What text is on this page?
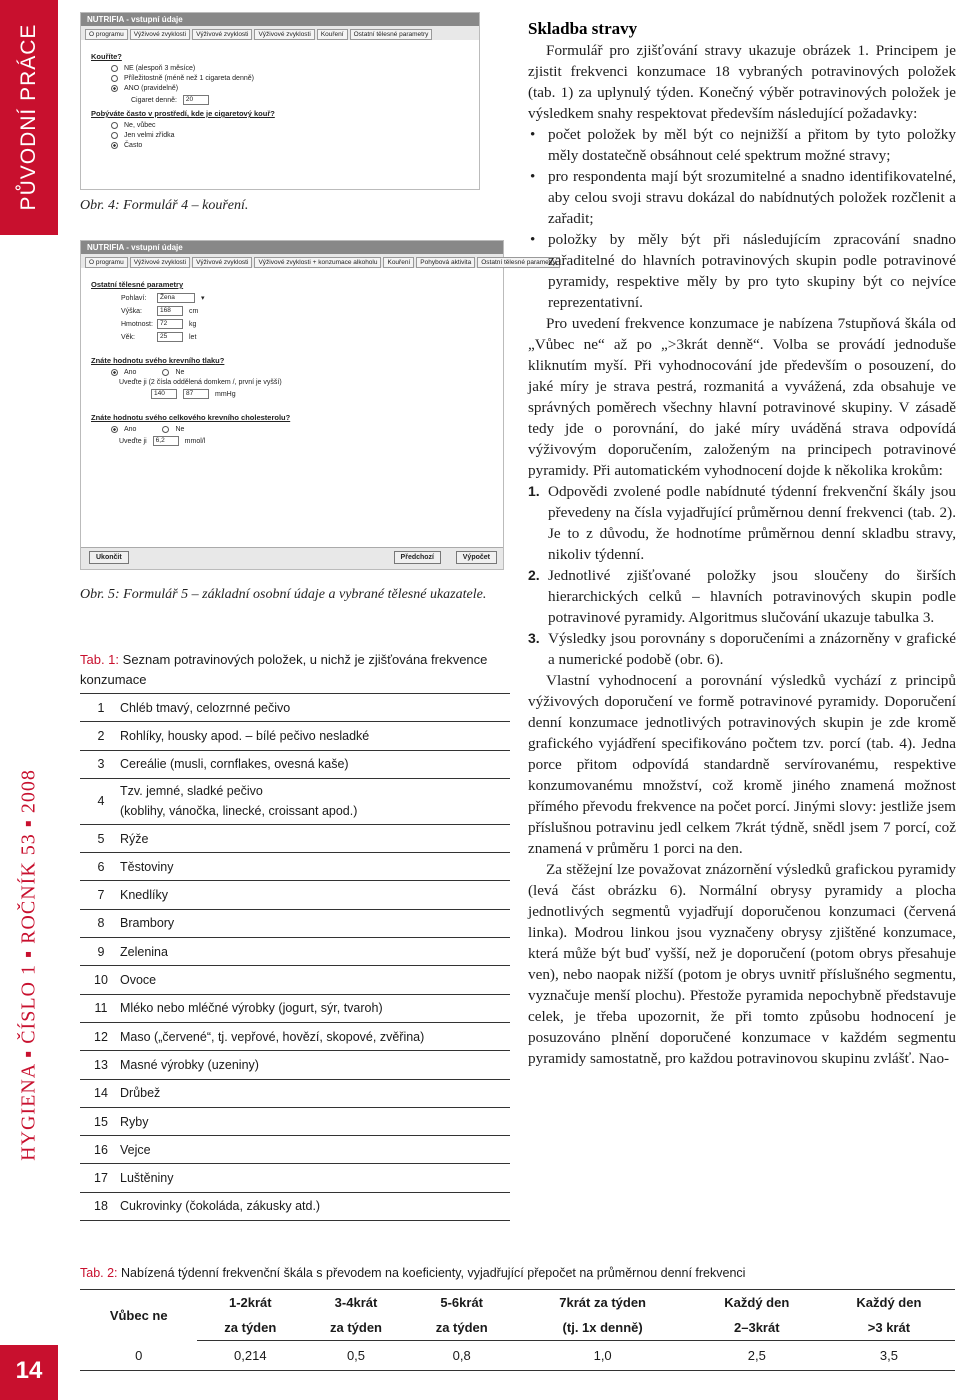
PŮVODNÍ PRÁCE
HYGIENA ▪ ČÍSLO 1 ▪ ROČNÍK 53 ▪ 2008
14
NUTRIFIA - vstupní údaje
O programu	Výživové zvyklosti	Výživové zvyklosti	Výživové zvyklosti	Kouření	Ostatní tělesné parametry
Kouříte?
NE (alespoň 3 měsíce)
Příležitostně (méně než 1 cigareta denně)
ANO (pravidelně)
Cigaret denně:	20
Pobýváte často v prostředí, kde je cigaretový kouř?
Ne, vůbec
Jen velmi zřídka
Často
Obr. 4: Formulář 4 – kouření.
NUTRIFIA - vstupní údaje
O programu	Výživové zvyklosti	Výživové zvyklosti	Výživové zvyklosti + konzumace alkoholu	Kouření	Pohybová aktivita	Ostatní tělesné parametry
Ostatní tělesné parametry
Pohlaví:	Žena	▾
Výška:	168	cm
Hmotnost:	72	kg
Věk:	25	let
Znáte hodnotu svého krevního tlaku?
Ano	Ne
Uveďte ji (2 čísla oddělená domkem /, první je vyšší)
140	87	mmHg
Znáte hodnotu svého celkového krevního cholesterolu?
Ano	Ne
Uveďte ji	6,2	mmol/l
Ukončit	Předchozí	Výpočet
Obr. 5: Formulář 5 – základní osobní údaje a vybrané tělesné ukazatele.
Tab. 1: Seznam potravinových položek, u nichž je zjišťována frekvence konzumace
1	Chléb tmavý, celozrnné pečivo
2	Rohlíky, housky apod. – bílé pečivo nesladké
3	Cereálie (musli, cornflakes, ovesná kaše)
4	Tzv. jemné, sladké pečivo
(koblihy, vánočka, linecké, croissant apod.)

5	Rýže
6	Těstoviny
7	Knedlíky
8	Brambory
9	Zelenina
10	Ovoce
11	Mléko nebo mléčné výrobky (jogurt, sýr, tvaroh)
12	Maso („červené“, tj. vepřové, hovězí, skopové, zvěřina)
13	Masné výrobky (uzeniny)
14	Drůbež
15	Ryby
16	Vejce
17	Luštěniny
18	Cukrovinky (čokoláda, zákusky atd.)
Skladba stravy

Formulář pro zjišťování stravy ukazuje obrázek 1. Principem je zjistit frekvenci konzumace 18 vybraných potravinových položek (tab. 1) za uplynulý týden. Konečný výběr potravinových položek je výsledkem snahy respektovat především následující požadavky:

• počet položek by měl být co nejnižší a přitom by tyto položky měly dostatečně obsáhnout celé spektrum možné stravy;
• pro respondenta mají být srozumitelné a snadno identifikovatelné, aby celou svoji stravu dokázal do nabídnutých položek rozčlenit a zařadit;
• položky by měly být při následujícím zpracování snadno zařaditelné do hlavních potravinových skupin podle potravinové pyramidy, respektive měly by pro tyto skupiny být co nejvíce reprezentativní.

Pro uvedení frekvence konzumace je nabízena 7stupňová škála od „Vůbec ne“ až po „>3krát denně“. Volba se provádí jednoduše kliknutím myší. Při vyhodnocování jde především o posouzení, do jaké míry je strava pestrá, rozmanitá a vyvážená, zda obsahuje ve správných poměrech všechny hlavní potravinové skupiny. V zásadě tedy jde o porovnání, do jaké míry uváděná strava odpovídá výživovým doporučením, založeným na principech potravinové pyramidy. Při automatickém vyhodnocení dojde k několika krokům:

1. Odpovědi zvolené podle nabídnuté týdenní frekvenční škály jsou převedeny na čísla vyjadřující průměrnou denní frekvenci (tab. 2). Je to z důvodu, že hodnotíme průměrnou denní skladbu stravy, nikoliv týdenní.
2. Jednotlivé zjišťované položky jsou sloučeny do širších hierarchických celků – hlavních potravinových skupin podle potravinové pyramidy. Algoritmus slučování ukazuje tabulka 3.
3. Výsledky jsou porovnány s doporučeními a znázorněny v grafické a numerické podobě (obr. 6).

Vlastní vyhodnocení a porovnání výsledků vychází z principů výživových doporučení ve formě potravinové pyramidy. Doporučení denní konzumace jednotlivých potravinových skupin je zde kromě grafického vyjádření specifikováno počtem tzv. porcí (tab. 4). Jedna porce přitom odpovídá standardně servírovanému, respektive konzumovanému množství, což kromě jiného znamená možnost přímého převodu frekvence na počet porcí. Jinými slovy: jestliže jsem příslušnou potravinu jedl celkem 7krát týdně, snědl jsem 7 porcí, což znamená v průměru 1 porci na den.

Za stěžejní lze považovat znázornění výsledků grafickou pyramidy (levá část obrázku 6). Normální obrysy pyramidy a plocha jednotlivých segmentů vyjadřují doporučenou konzumaci (červená linka). Modrou linkou jsou vyznačeny obrysy zjištěné konzumace, která může být buď vyšší, než je doporučení (potom obrys přesahuje ven), nebo naopak nižší (potom je obrys uvnitř příslušného segmentu, vyznačuje menší plochu). Přestože pyramida nepochybně představuje celek, je třeba upozornit, že při tomto způsobu hodnocení je posuzováno plnění doporučené konzumace v každém segmentu pyramidy samostatně, pro každou potravinovou skupinu zvlášť. Nao-

Tab. 2: Nabízená týdenní frekvenční škála s převodem na koeficienty, vyjadřující přepočet na průměrnou denní frekvenci
Vůbec ne	1-2krát	3-4krát	5-6krát	7krát za týden	Každý den	Každý den
	za týden	za týden	za týden	(tj. 1x denně)	2–3krát	>3 krát
0	0,214	0,5	0,8	1,0	2,5	3,5
